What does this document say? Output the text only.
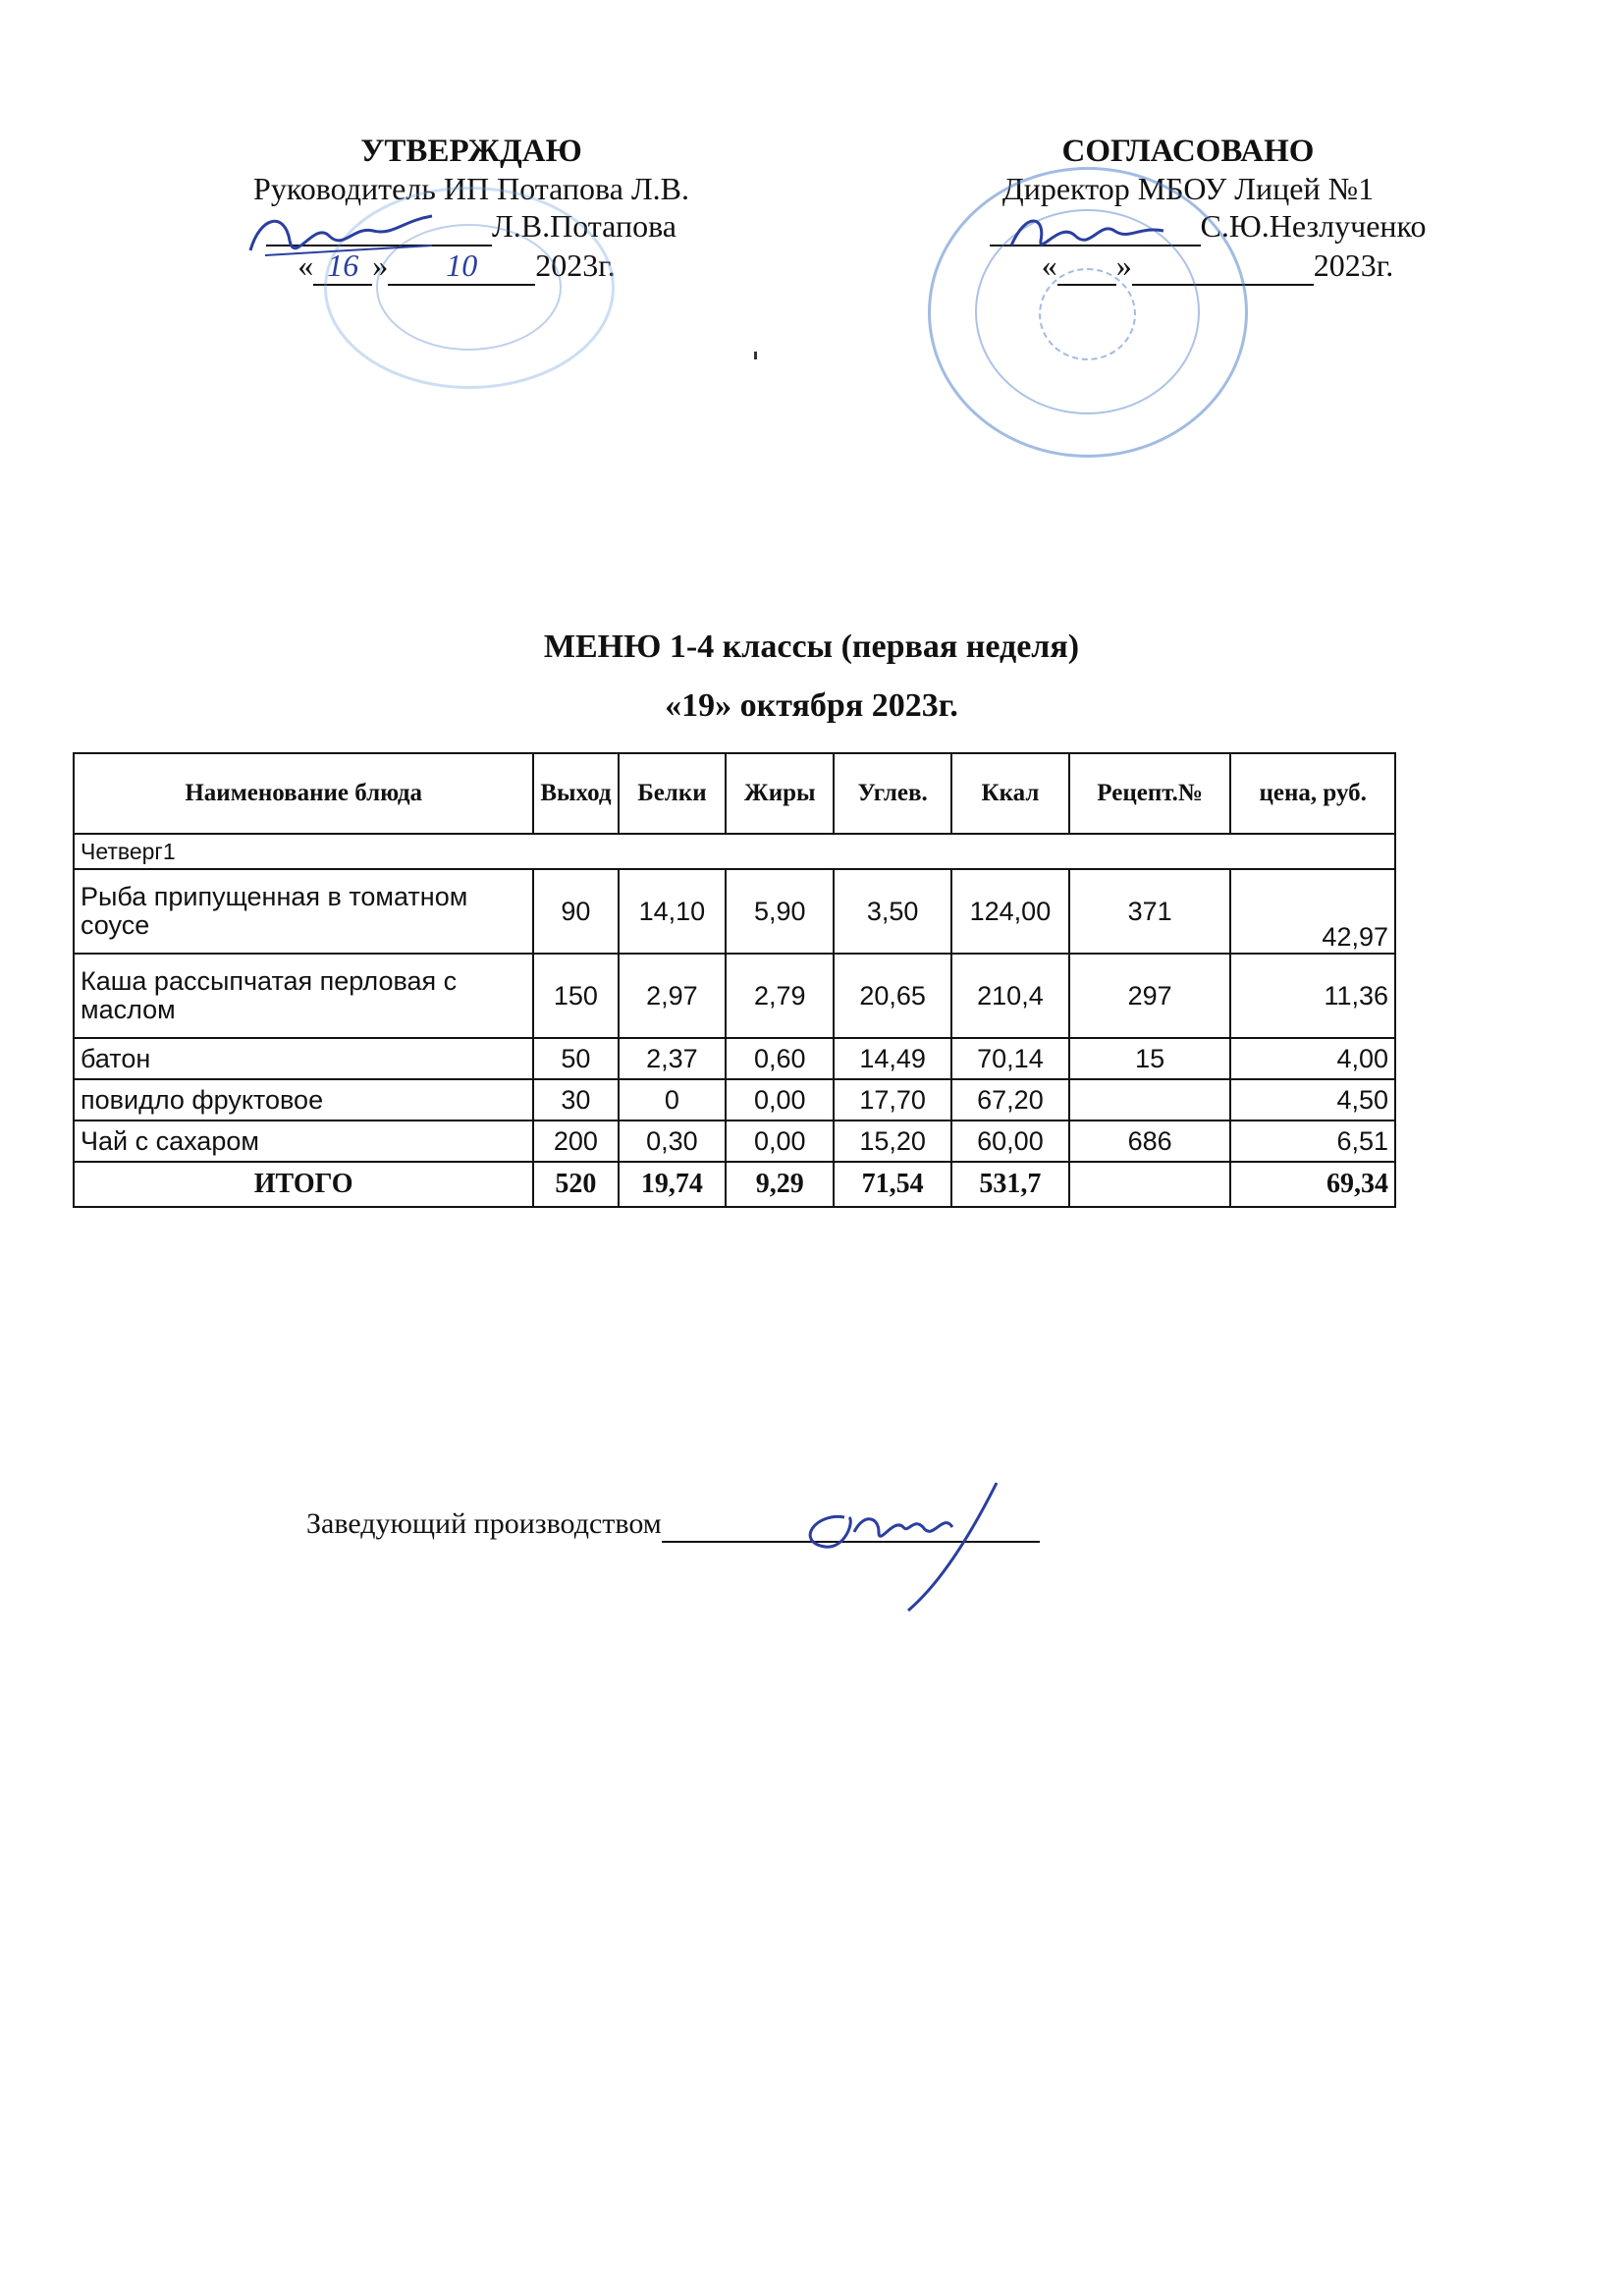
УТВЕРЖДАЮ
Руководитель ИП Потапова Л.В.
Л.В.Потапова
« 16 » 10 2023г.
СОГЛАСОВАНО
Директор МБОУ Лицей №1
С.Ю.Незлученко
« »	2023г.
МЕНЮ 1-4 классы (первая неделя)
«19» октября 2023г.
Наименование блюда	Выход	Белки	Жиры	Углев.	Ккал	Рецепт.№	цена, руб.
Четверг1							
Рыба припущенная в томатном соусе	90	14,10	5,90	3,50	124,00	371	42,97
Каша рассыпчатая перловая с маслом	150	2,97	2,79	20,65	210,4	297	11,36
батон	50	2,37	0,60	14,49	70,14	15	4,00
повидло фруктовое	30	0	0,00	17,70	67,20		4,50
Чай с сахаром	200	0,30	0,00	15,20	60,00	686	6,51
ИТОГО	520	19,74	9,29	71,54	531,7		69,34
Заведующий производством
